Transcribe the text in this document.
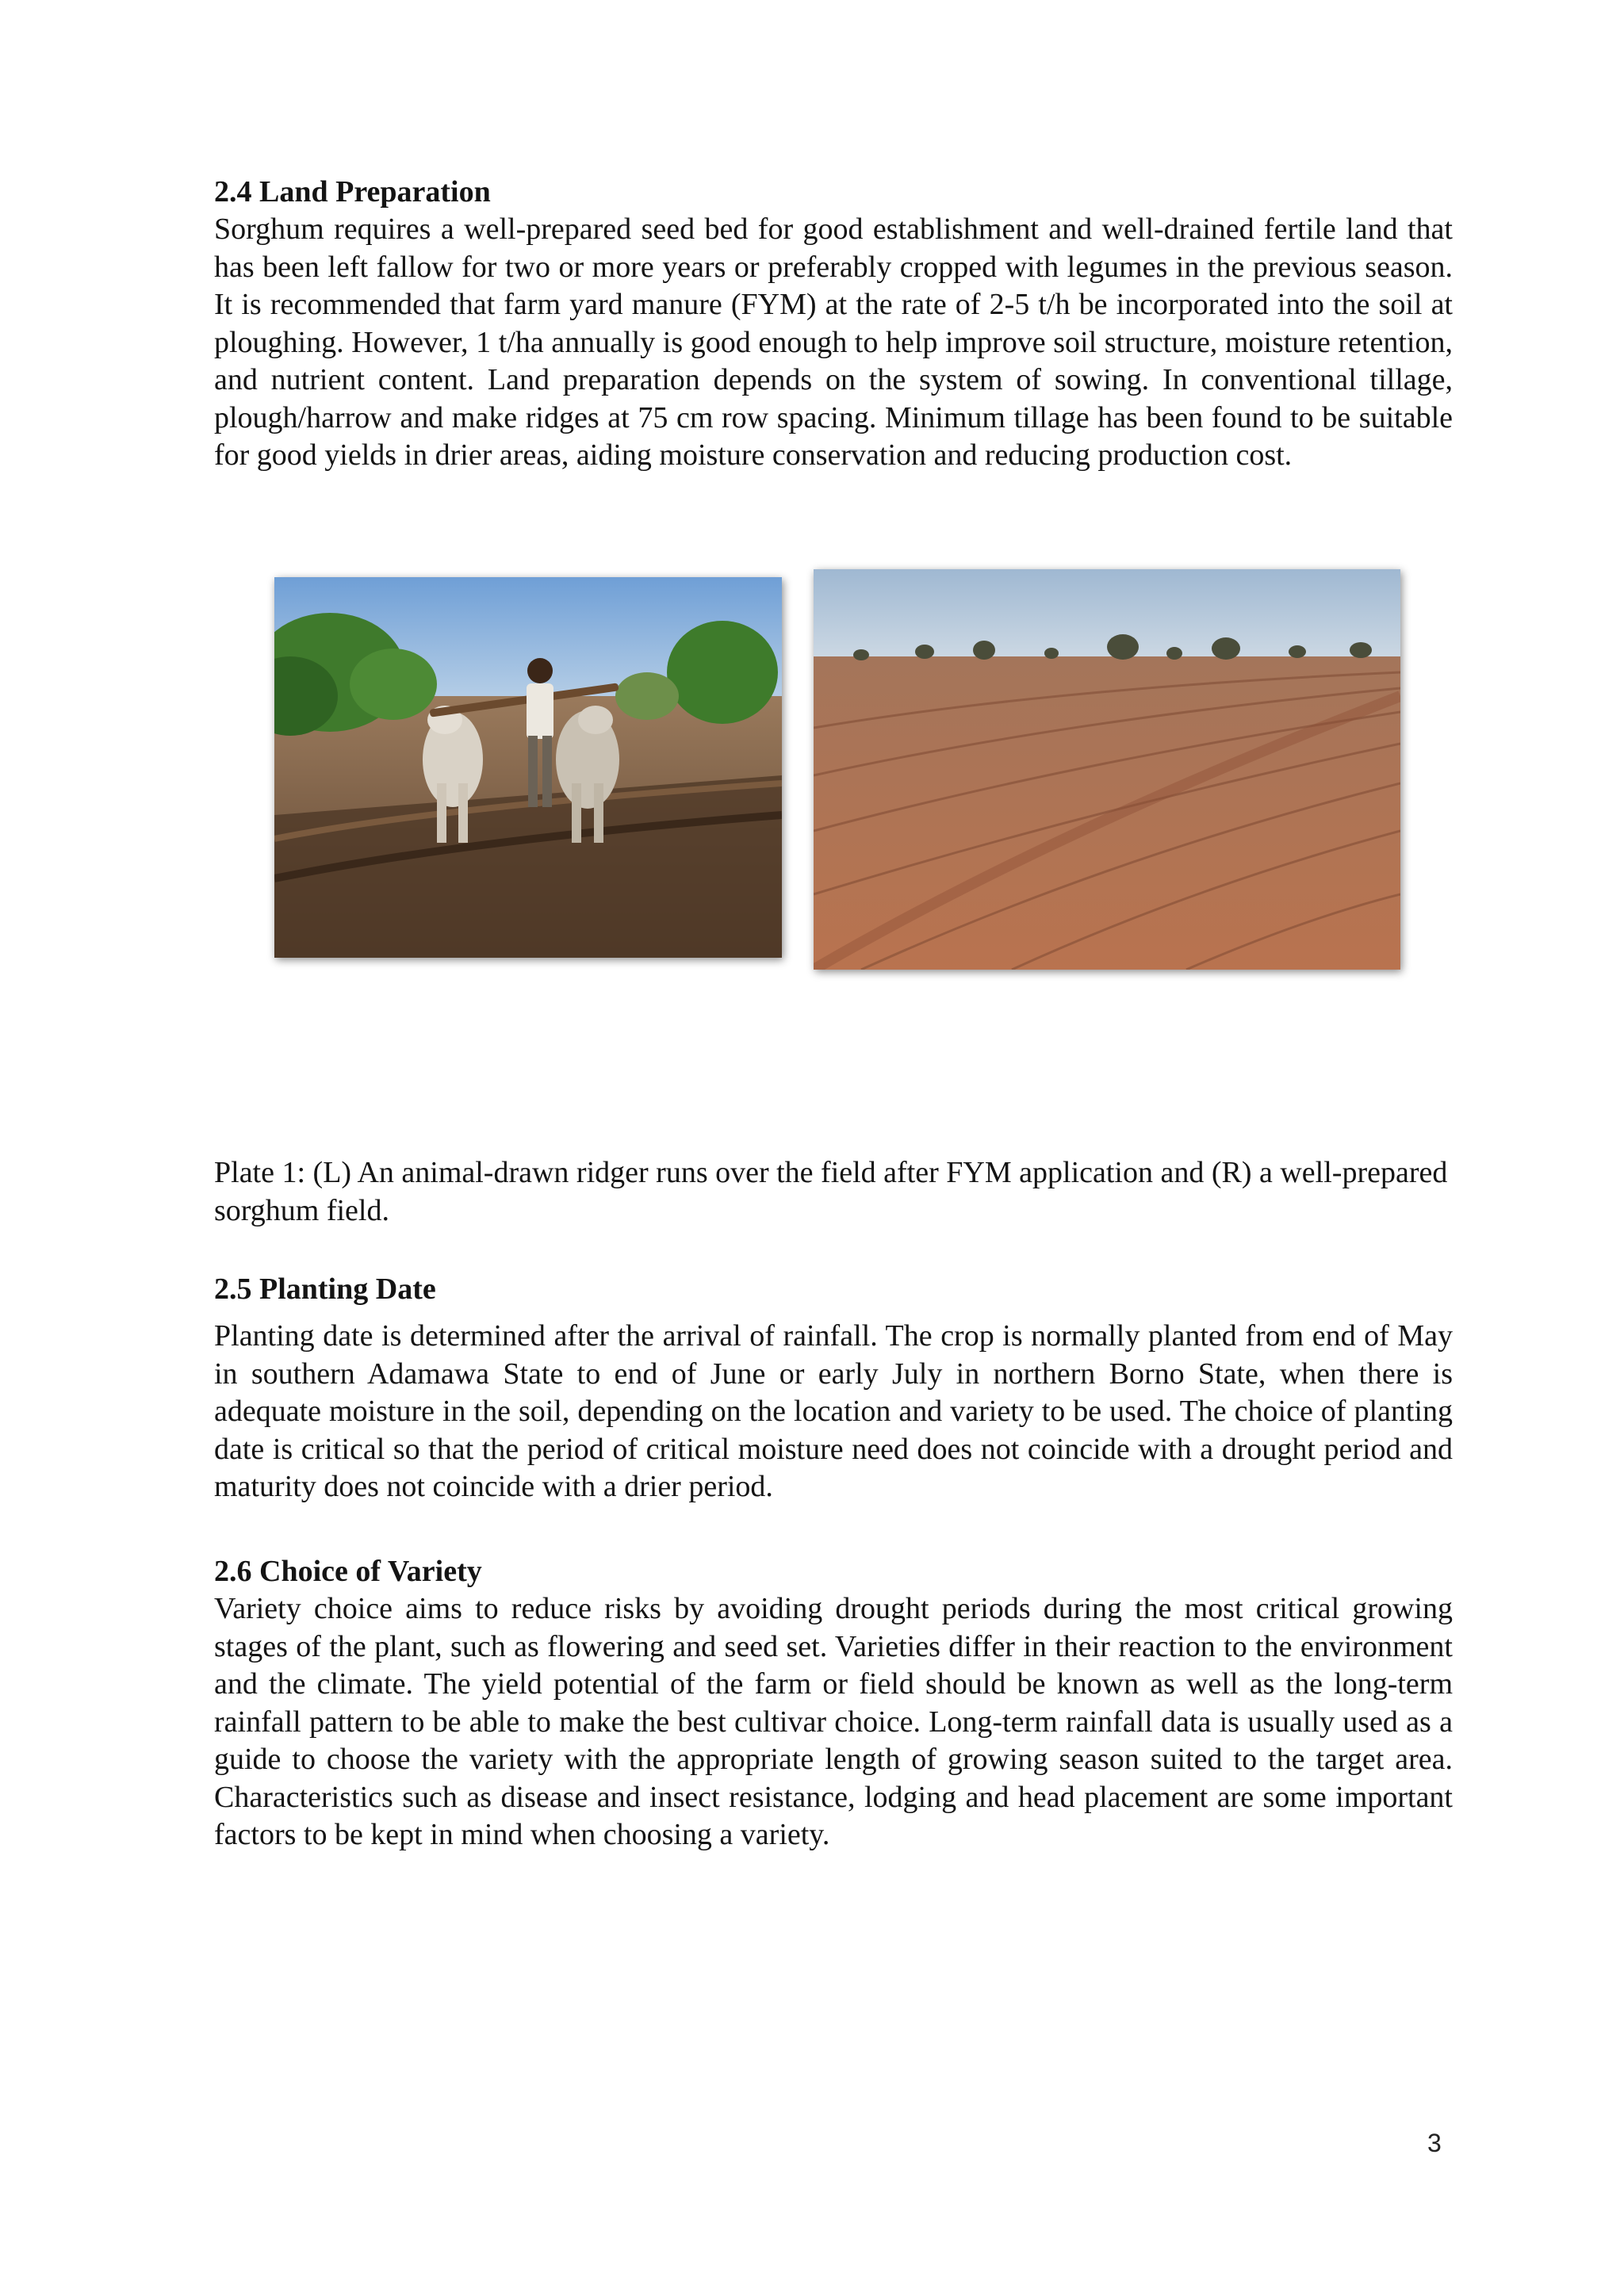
2.4 Land Preparation

Sorghum requires a well-prepared seed bed for good establishment and well-drained fertile land that has been left fallow for two or more years or preferably cropped with legumes in the previous season. It is recommended that farm yard manure (FYM) at the rate of 2-5 t/h be incorporated into the soil at ploughing. However, 1 t/ha annually is good enough to help improve soil structure, moisture retention, and nutrient content. Land preparation depends on the system of sowing. In conventional tillage, plough/harrow and make ridges at 75 cm row spacing. Minimum tillage has been found to be suitable for good yields in drier areas, aiding moisture conservation and reducing production cost.

Plate 1: (L) An animal-drawn ridger runs over the field after FYM application and (R) a well-prepared sorghum field.

2.5 Planting Date

Planting date is determined after the arrival of rainfall. The crop is normally planted from end of May in southern Adamawa State to end of June or early July in northern Borno State, when there is adequate moisture in the soil, depending on the location and variety to be used. The choice of planting date is critical so that the period of critical moisture need does not coincide with a drought period and maturity does not coincide with a drier period.

2.6 Choice of Variety

Variety choice aims to reduce risks by avoiding drought periods during the most critical growing stages of the plant, such as flowering and seed set. Varieties differ in their reaction to the environment and the climate. The yield potential of the farm or field should be known as well as the long-term rainfall pattern to be able to make the best cultivar choice. Long-term rainfall data is usually used as a guide to choose the variety with the appropriate length of growing season suited to the target area. Characteristics such as disease and insect resistance, lodging and head placement are some important factors to be kept in mind when choosing a variety.

3
